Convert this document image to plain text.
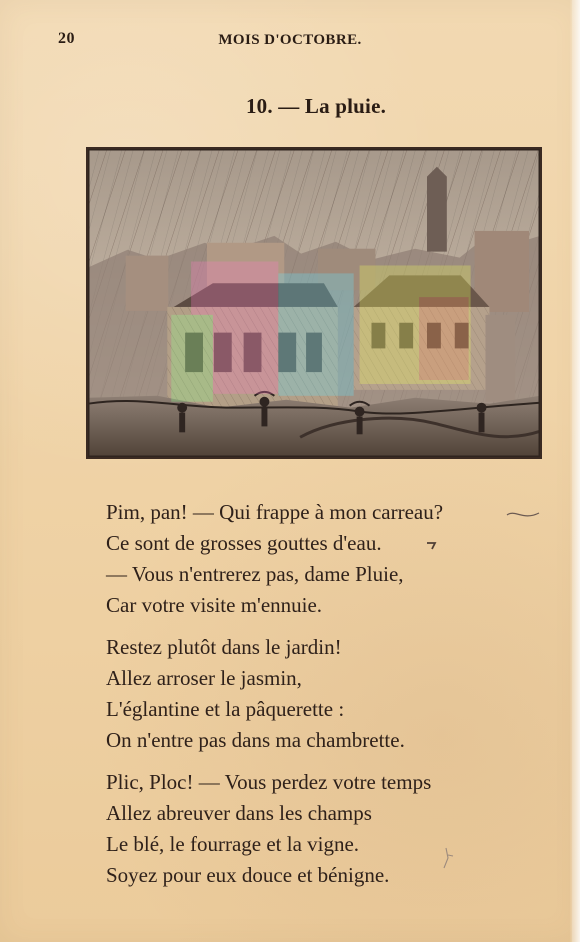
20	MOIS D'OCTOBRE.
10. — La pluie.
Pim, pan! — Qui frappe à mon carreau?
Ce sont de grosses gouttes d'eau.
— Vous n'entrerez pas, dame Pluie,
Car votre visite m'ennuie.
Restez plutôt dans le jardin!
Allez arroser le jasmin,
L'églantine et la pâquerette :
On n'entre pas dans ma chambrette.
Plic, Ploc! — Vous perdez votre temps
Allez abreuver dans les champs
Le blé, le fourrage et la vigne.
Soyez pour eux douce et bénigne.
